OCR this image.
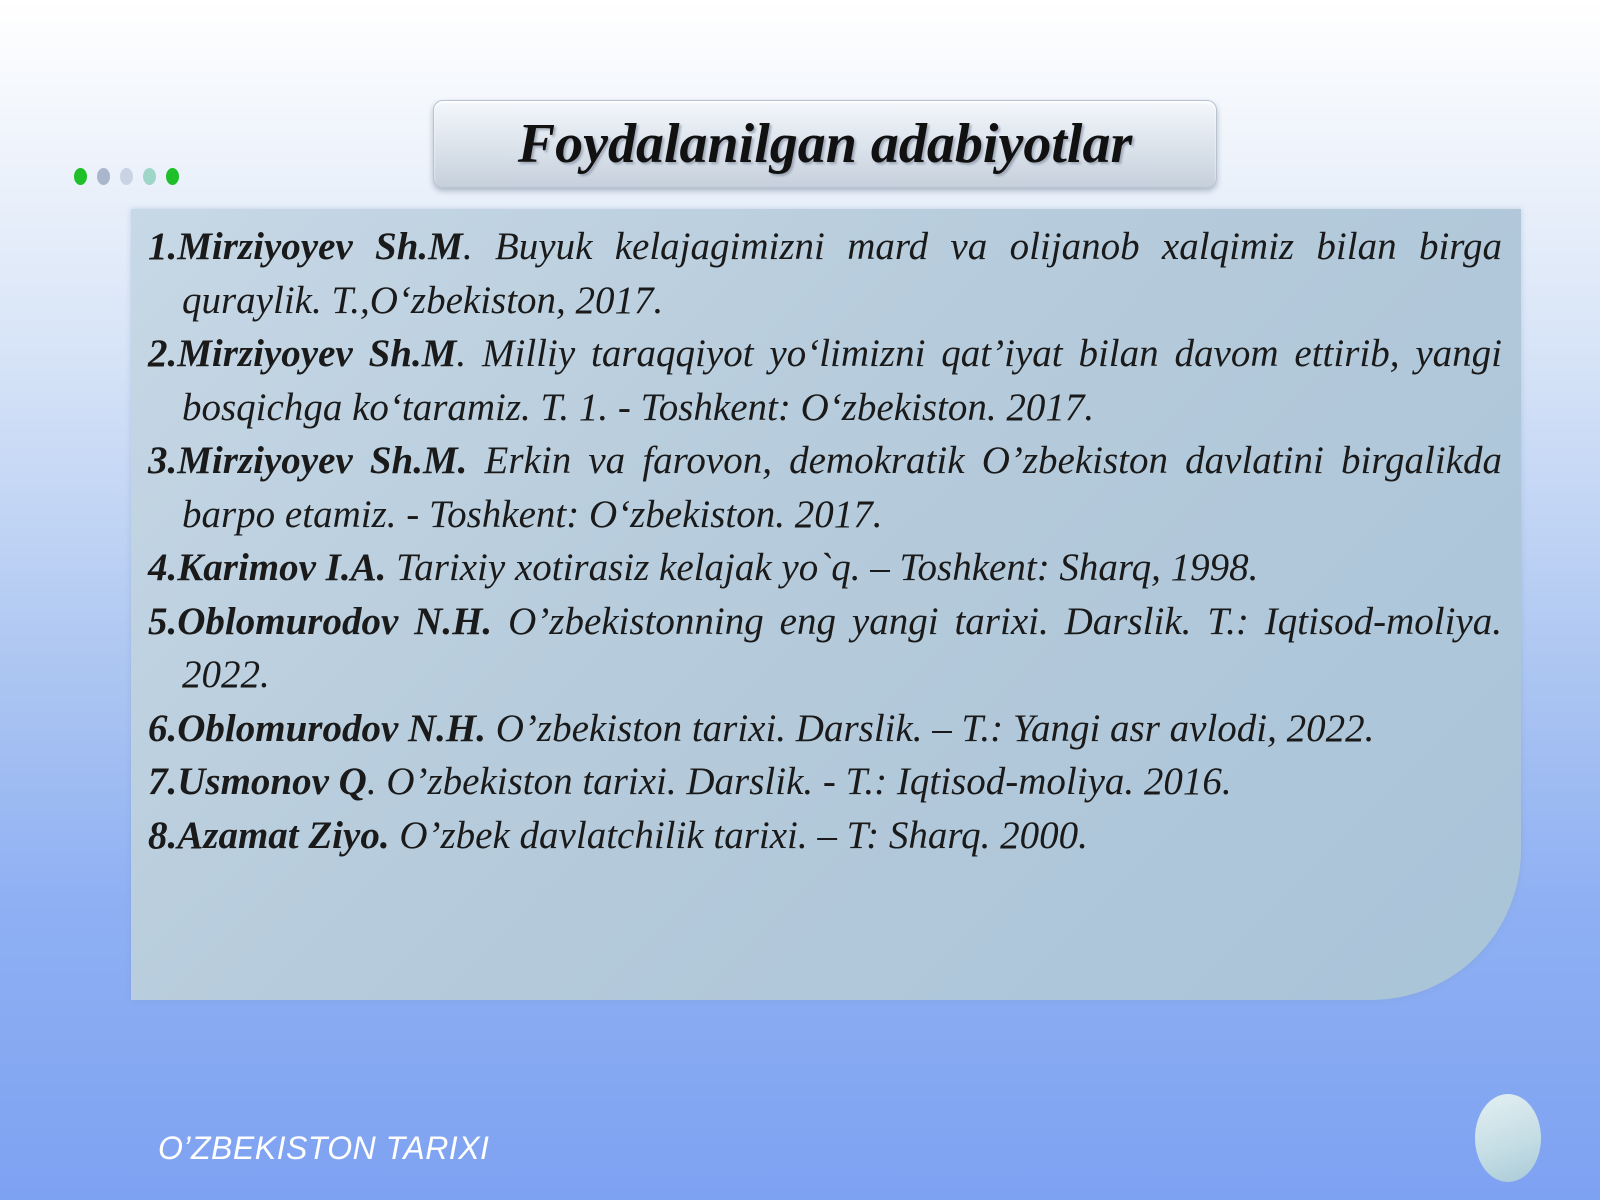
Foydalanilgan adabiyotlar
1.Mirziyoyev Sh.M. Buyuk kelajagimizni mard va olijanob xalqimiz bilan birga quraylik. T.,O‘zbekiston, 2017.
2.Mirziyoyev Sh.M. Milliy taraqqiyot yo‘limizni qat’iyat bilan davom ettirib, yangi bosqichga ko‘taramiz. T. 1. - Toshkent: O‘zbekiston. 2017.
3.Mirziyoyev Sh.M. Erkin va farovon, demokratik O’zbekiston davlatini birgalikda barpo etamiz. - Toshkent: O‘zbekiston. 2017.
4.Karimov I.A. Tarixiy xotirasiz kelajak yo`q. – Toshkent: Sharq, 1998.
5.Oblomurodov N.H. O’zbekistonning eng yangi tarixi. Darslik. T.: Iqtisod-moliya. 2022.
6.Oblomurodov N.H. O’zbekiston tarixi. Darslik. – T.: Yangi asr avlodi, 2022.
7.Usmonov Q. O’zbekiston tarixi. Darslik. - T.: Iqtisod-moliya. 2016.
8.Azamat Ziyo. O’zbek davlatchilik tarixi. – T: Sharq. 2000.
O’ZBEKISTON TARIXI
